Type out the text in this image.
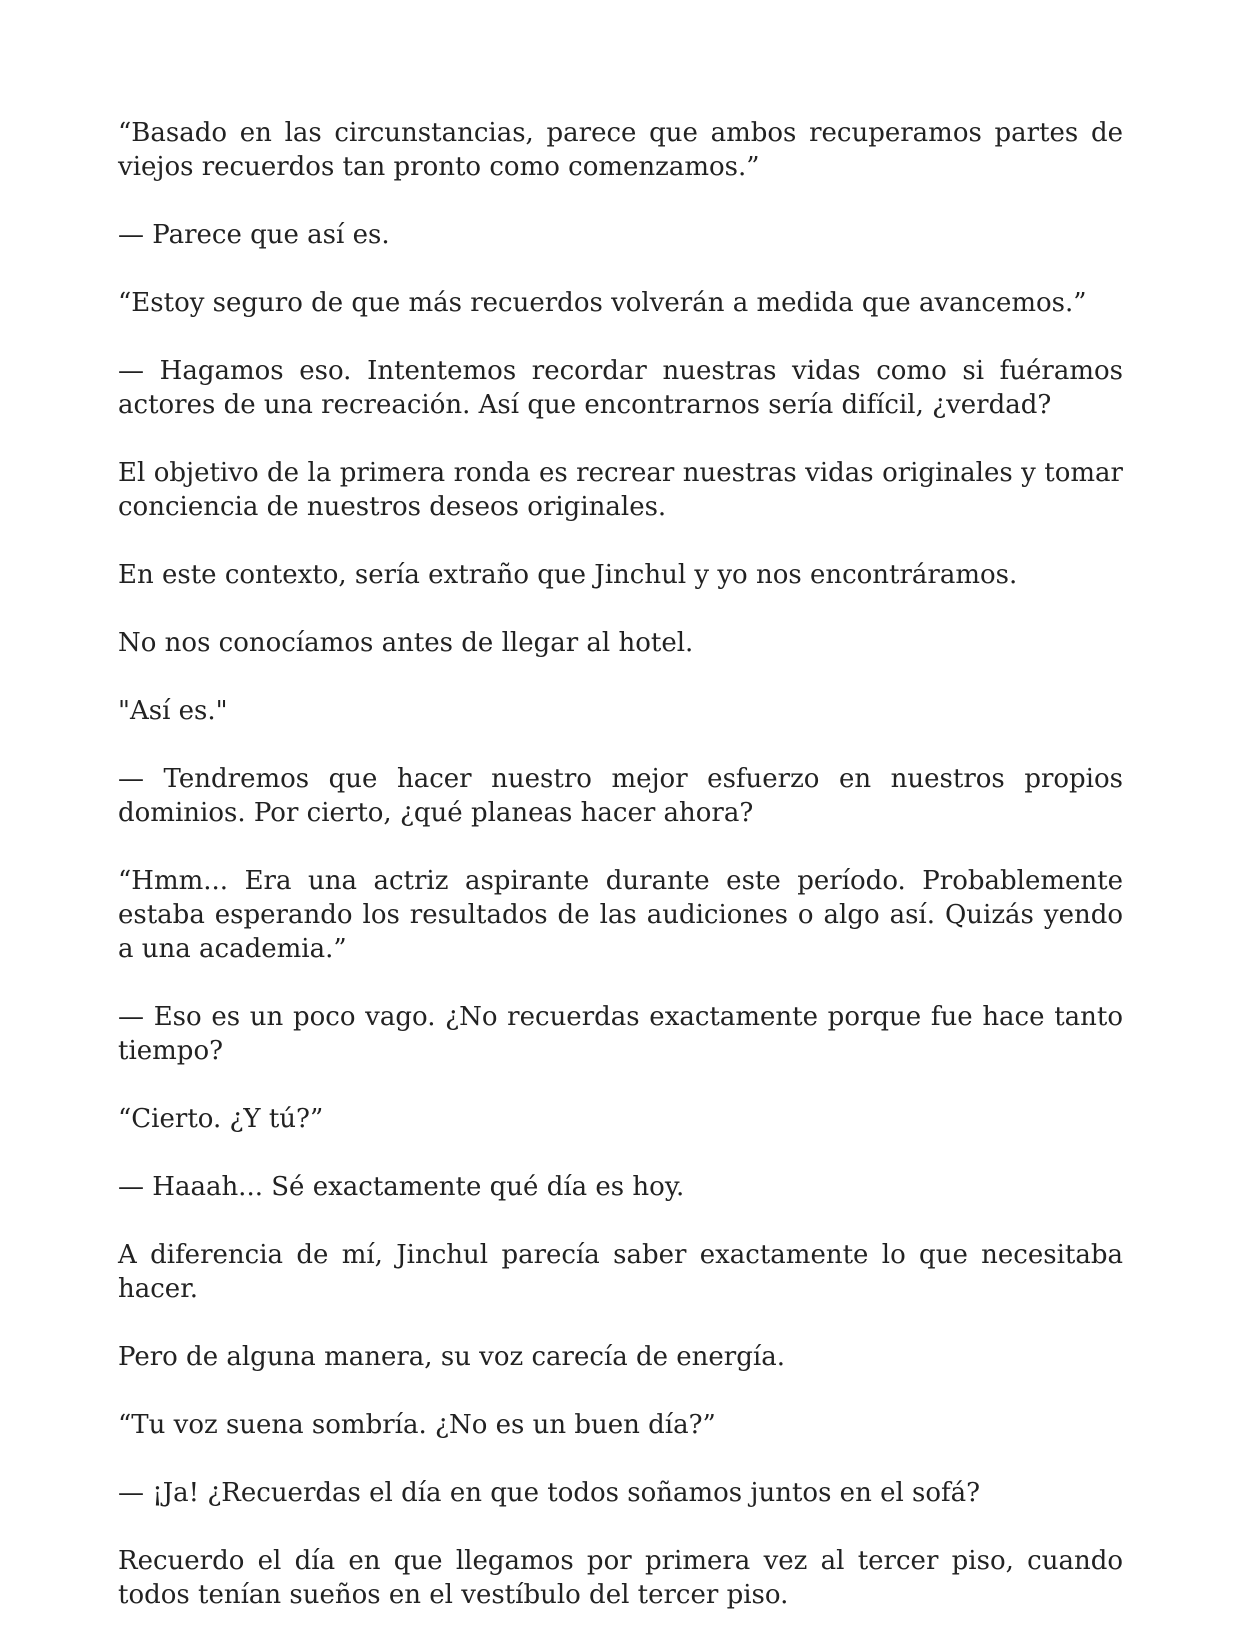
“Basado en las circunstancias, parece que ambos recuperamos partes de viejos recuerdos tan pronto como comenzamos.”

— Parece que así es.

“Estoy seguro de que más recuerdos volverán a medida que avancemos.”

— Hagamos eso. Intentemos recordar nuestras vidas como si fuéramos actores de una recreación. Así que encontrarnos sería difícil, ¿verdad?

El objetivo de la primera ronda es recrear nuestras vidas originales y tomar conciencia de nuestros deseos originales.

En este contexto, sería extraño que Jinchul y yo nos encontráramos.

No nos conocíamos antes de llegar al hotel.

"Así es."

— Tendremos que hacer nuestro mejor esfuerzo en nuestros propios dominios. Por cierto, ¿qué planeas hacer ahora?

“Hmm... Era una actriz aspirante durante este período. Probablemente estaba esperando los resultados de las audiciones o algo así. Quizás yendo a una academia.”

— Eso es un poco vago. ¿No recuerdas exactamente porque fue hace tanto tiempo?

“Cierto. ¿Y tú?”

— Haaah... Sé exactamente qué día es hoy.

A diferencia de mí, Jinchul parecía saber exactamente lo que necesitaba hacer.

Pero de alguna manera, su voz carecía de energía.

“Tu voz suena sombría. ¿No es un buen día?”

— ¡Ja! ¿Recuerdas el día en que todos soñamos juntos en el sofá?

Recuerdo el día en que llegamos por primera vez al tercer piso, cuando todos tenían sueños en el vestíbulo del tercer piso.
